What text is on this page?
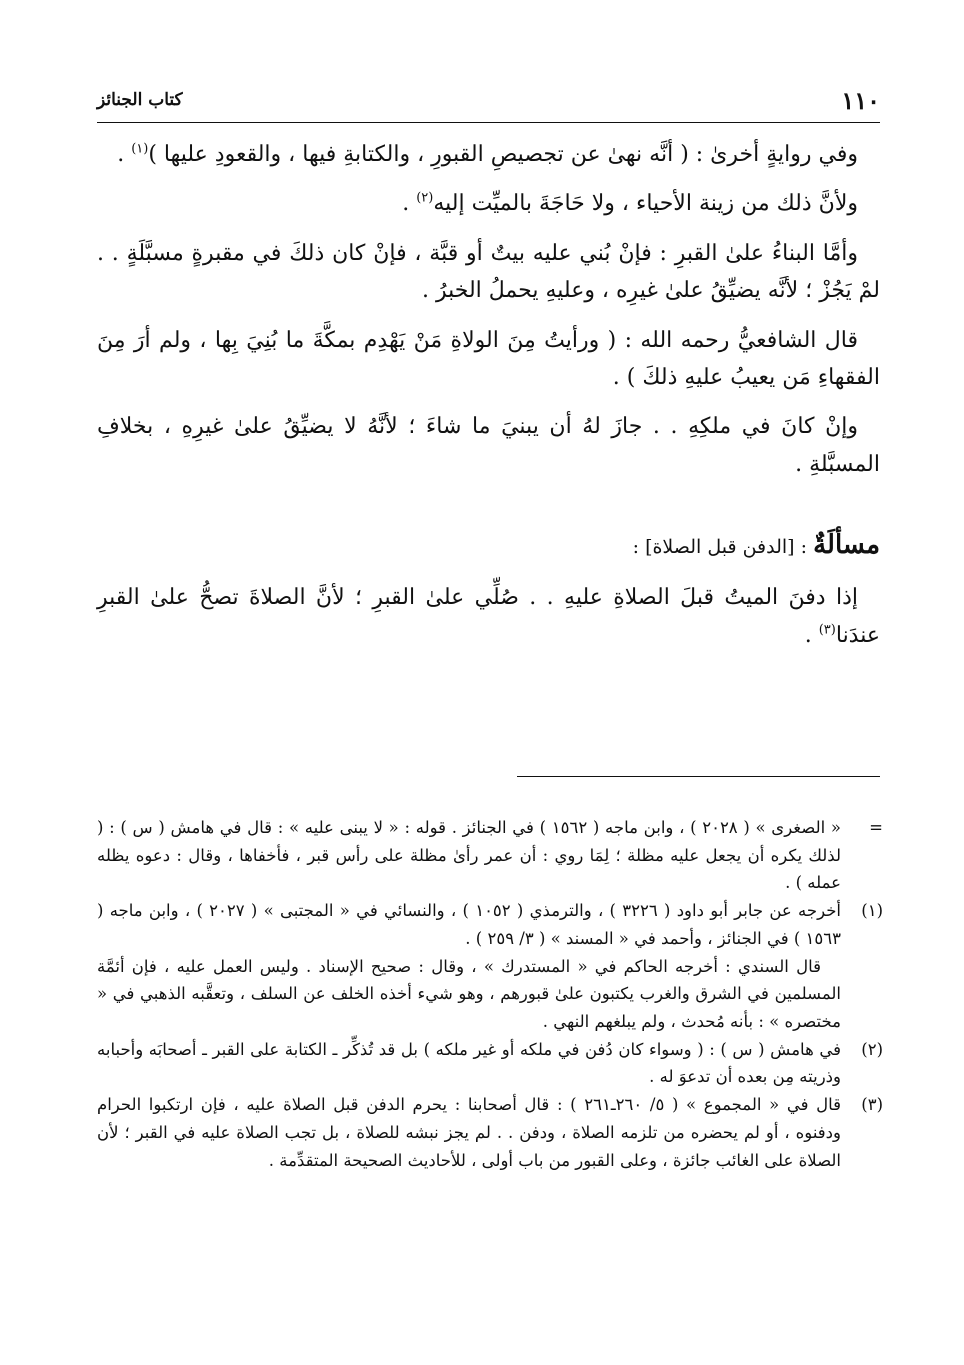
١١٠
كتاب الجنائز

وفي روايةٍ أخرىٰ : ( أنَّه نهىٰ عن تجصيصِ القبورِ ، والكتابةِ فيها ، والقعودِ عليها )$^{(١)}$ .

ولأنَّ ذلك من زينة الأحياء ، ولا حَاجَةَ بالميِّت إليه$^{(٢)}$ .

وأمَّا البناءُ علىٰ القبرِ : فإنْ بُني عليه بيتٌ أو قبَّة ، فإنْ كان ذلكَ في مقبرةٍ مسبَّلَةٍ . . لمْ يَجُزْ ؛ لأنَّه يضيِّقُ علىٰ غيرِه ، وعليهِ يحملُ الخبرُ .

قال الشافعيُّ رحمه الله : ( ورأيتُ مِنَ الولاةِ مَنْ يَهْدِم بمكَّةَ ما بُنِيَ بِها ، ولم أرَ مِنَ الفقهاءِ مَن يعيبُ عليهِ ذلكَ ) .

وإنْ كانَ في ملكِهِ . . جازَ لهُ أن يبنيَ ما شاءَ ؛ لأنَّهُ لا يضيِّقُ علىٰ غيرِهِ ، بخلافِ المسبَّلةِ .

مسألَةٌ : [الدفن قبل الصلاة] :

إذا دفنَ الميتُ قبلَ الصلاةِ عليهِ . . صُلِّي علىٰ القبرِ ؛ لأنَّ الصلاةَ تصحُّ علىٰ القبرِ عندَنا$^{(٣)}$ .

=
« الصغرى » ( ٢٠٢٨ ) ، وابن ماجه ( ١٥٦٢ ) في الجنائز . قوله : « لا يبنى عليه » : قال في هامش ( س ) : ( لذلك يكره أن يجعل عليه مظلة ؛ لِمَا روي : أن عمر رأىٰ مظلة على رأس قبر ، فأخفاها ، وقال : دعوه يظله عمله ) .
(١)
أخرجه عن جابر أبو داود ( ٣٢٢٦ ) ، والترمذي ( ١٠٥٢ ) ، والنسائي في « المجتبى » ( ٢٠٢٧ ) ، وابن ماجه ( ١٥٦٣ ) في الجنائز ، وأحمد في « المسند » ( ٣/ ٢٥٩ ) .
قال السندي : أخرجه الحاكم في « المستدرك » ، وقال : صحيح الإسناد . وليس العمل عليه ، فإن أئمَّة المسلمين في الشرق والغرب يكتبون علىٰ قبورهم ، وهو شيء أخذه الخلف عن السلف ، وتعقَّبه الذهبي في « مختصره » : بأنه مُحدث ، ولم يبلغهم النهي .
(٢)
في هامش ( س ) : ( وسواء كان دُفن في ملكه أو غير ملكه ) بل قد تُذكِّر ـ الكتابة على القبر ـ أصحابَه وأحبابه وذريته مِن بعده أن تدعوَ له .
(٣)
قال في « المجموع » ( ٥/ ٢٦٠ـ٢٦١ ) : قال أصحابنا : يحرم الدفن قبل الصلاة عليه ، فإن ارتكبوا الحرام ودفنوه ، أو لم يحضره من تلزمه الصلاة ، ودفن . . لم يجز نبشه للصلاة ، بل تجب الصلاة عليه في القبر ؛ لأن الصلاة على الغائب جائزة ، وعلى القبور من باب أولى ، للأحاديث الصحيحة المتقدِّمة .
